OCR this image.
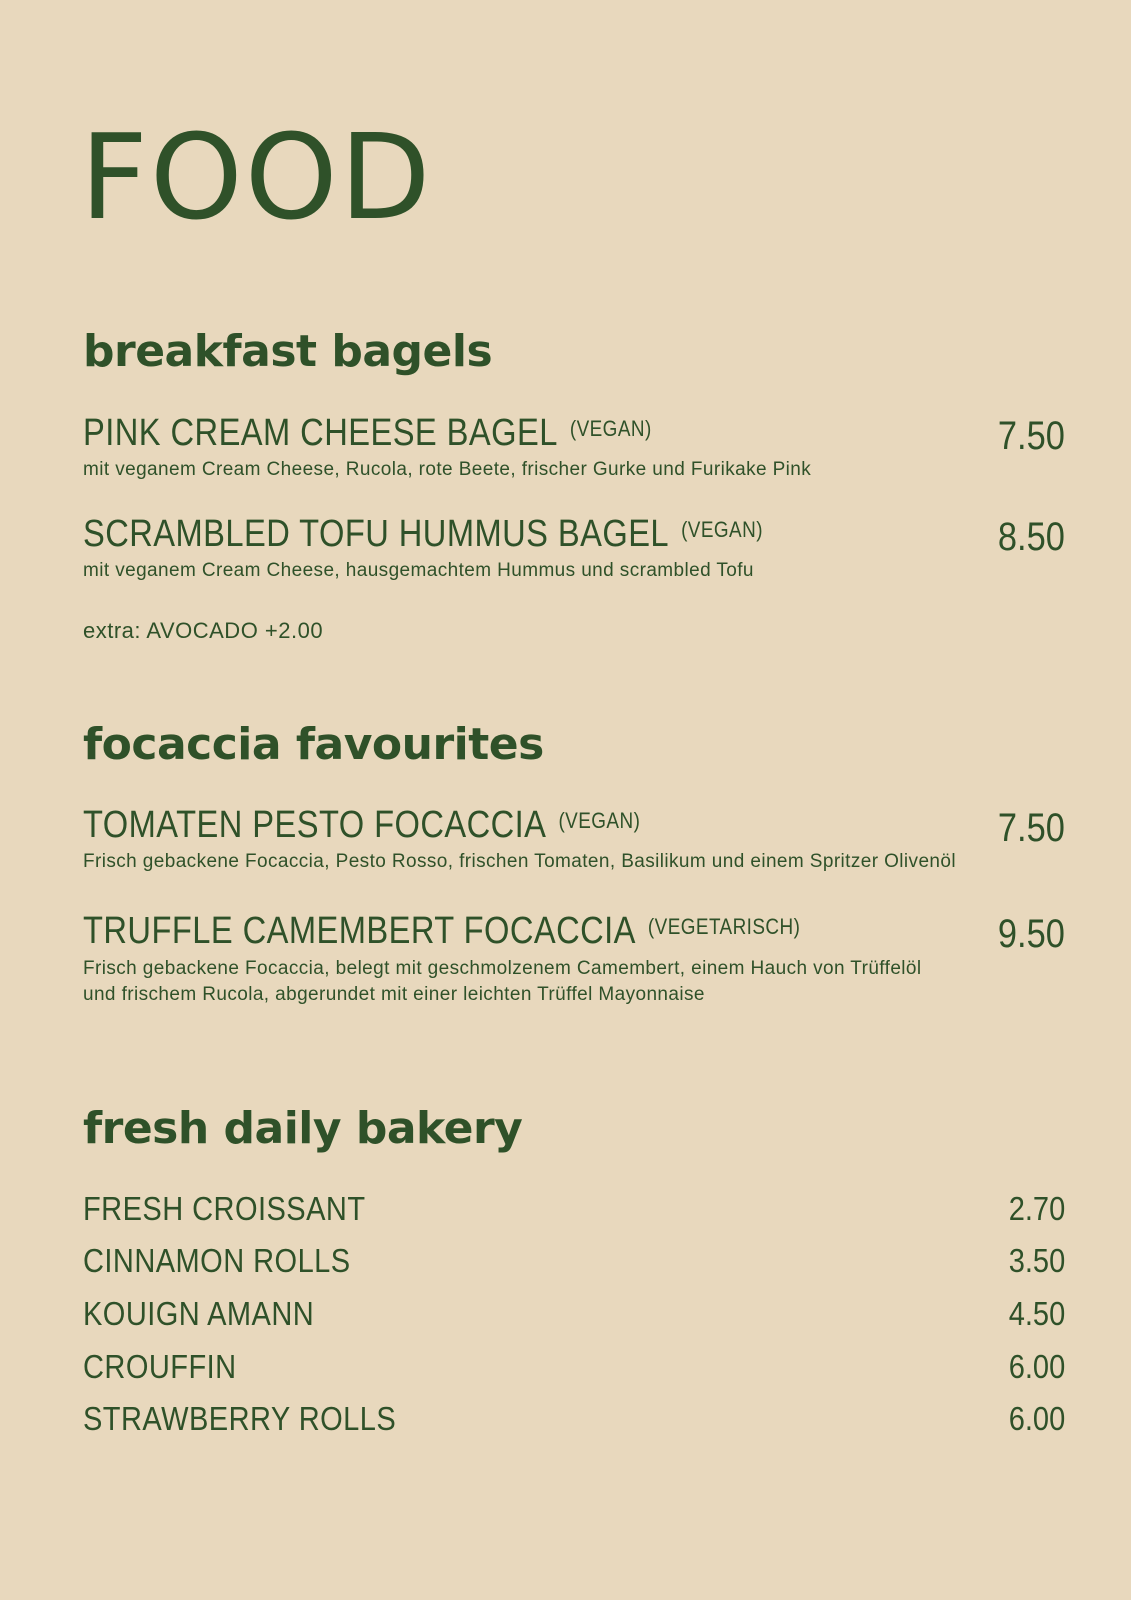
FOOD
breakfast bagels
PINK CREAM CHEESE BAGEL $^{(VEGAN)}$	7.50
mit veganem Cream Cheese, Rucola, rote Beete, frischer Gurke und Furikake Pink
SCRAMBLED TOFU HUMMUS BAGEL $^{(VEGAN)}$	8.50
mit veganem Cream Cheese, hausgemachtem Hummus und scrambled Tofu
extra: AVOCADO +2.00
focaccia favourites
TOMATEN PESTO FOCACCIA $^{(VEGAN)}$	7.50
Frisch gebackene Focaccia, Pesto Rosso, frischen Tomaten, Basilikum und einem Spritzer Olivenöl
TRUFFLE CAMEMBERT FOCACCIA $^{(VEGETARISCH)}$	9.50
Frisch gebackene Focaccia, belegt mit geschmolzenem Camembert, einem Hauch von Trüffelöl
und frischem Rucola, abgerundet mit einer leichten Trüffel Mayonnaise
fresh daily bakery
FRESH CROISSANT	2.70
CINNAMON ROLLS	3.50
KOUIGN AMANN	4.50
CROUFFIN	6.00
STRAWBERRY ROLLS	6.00
